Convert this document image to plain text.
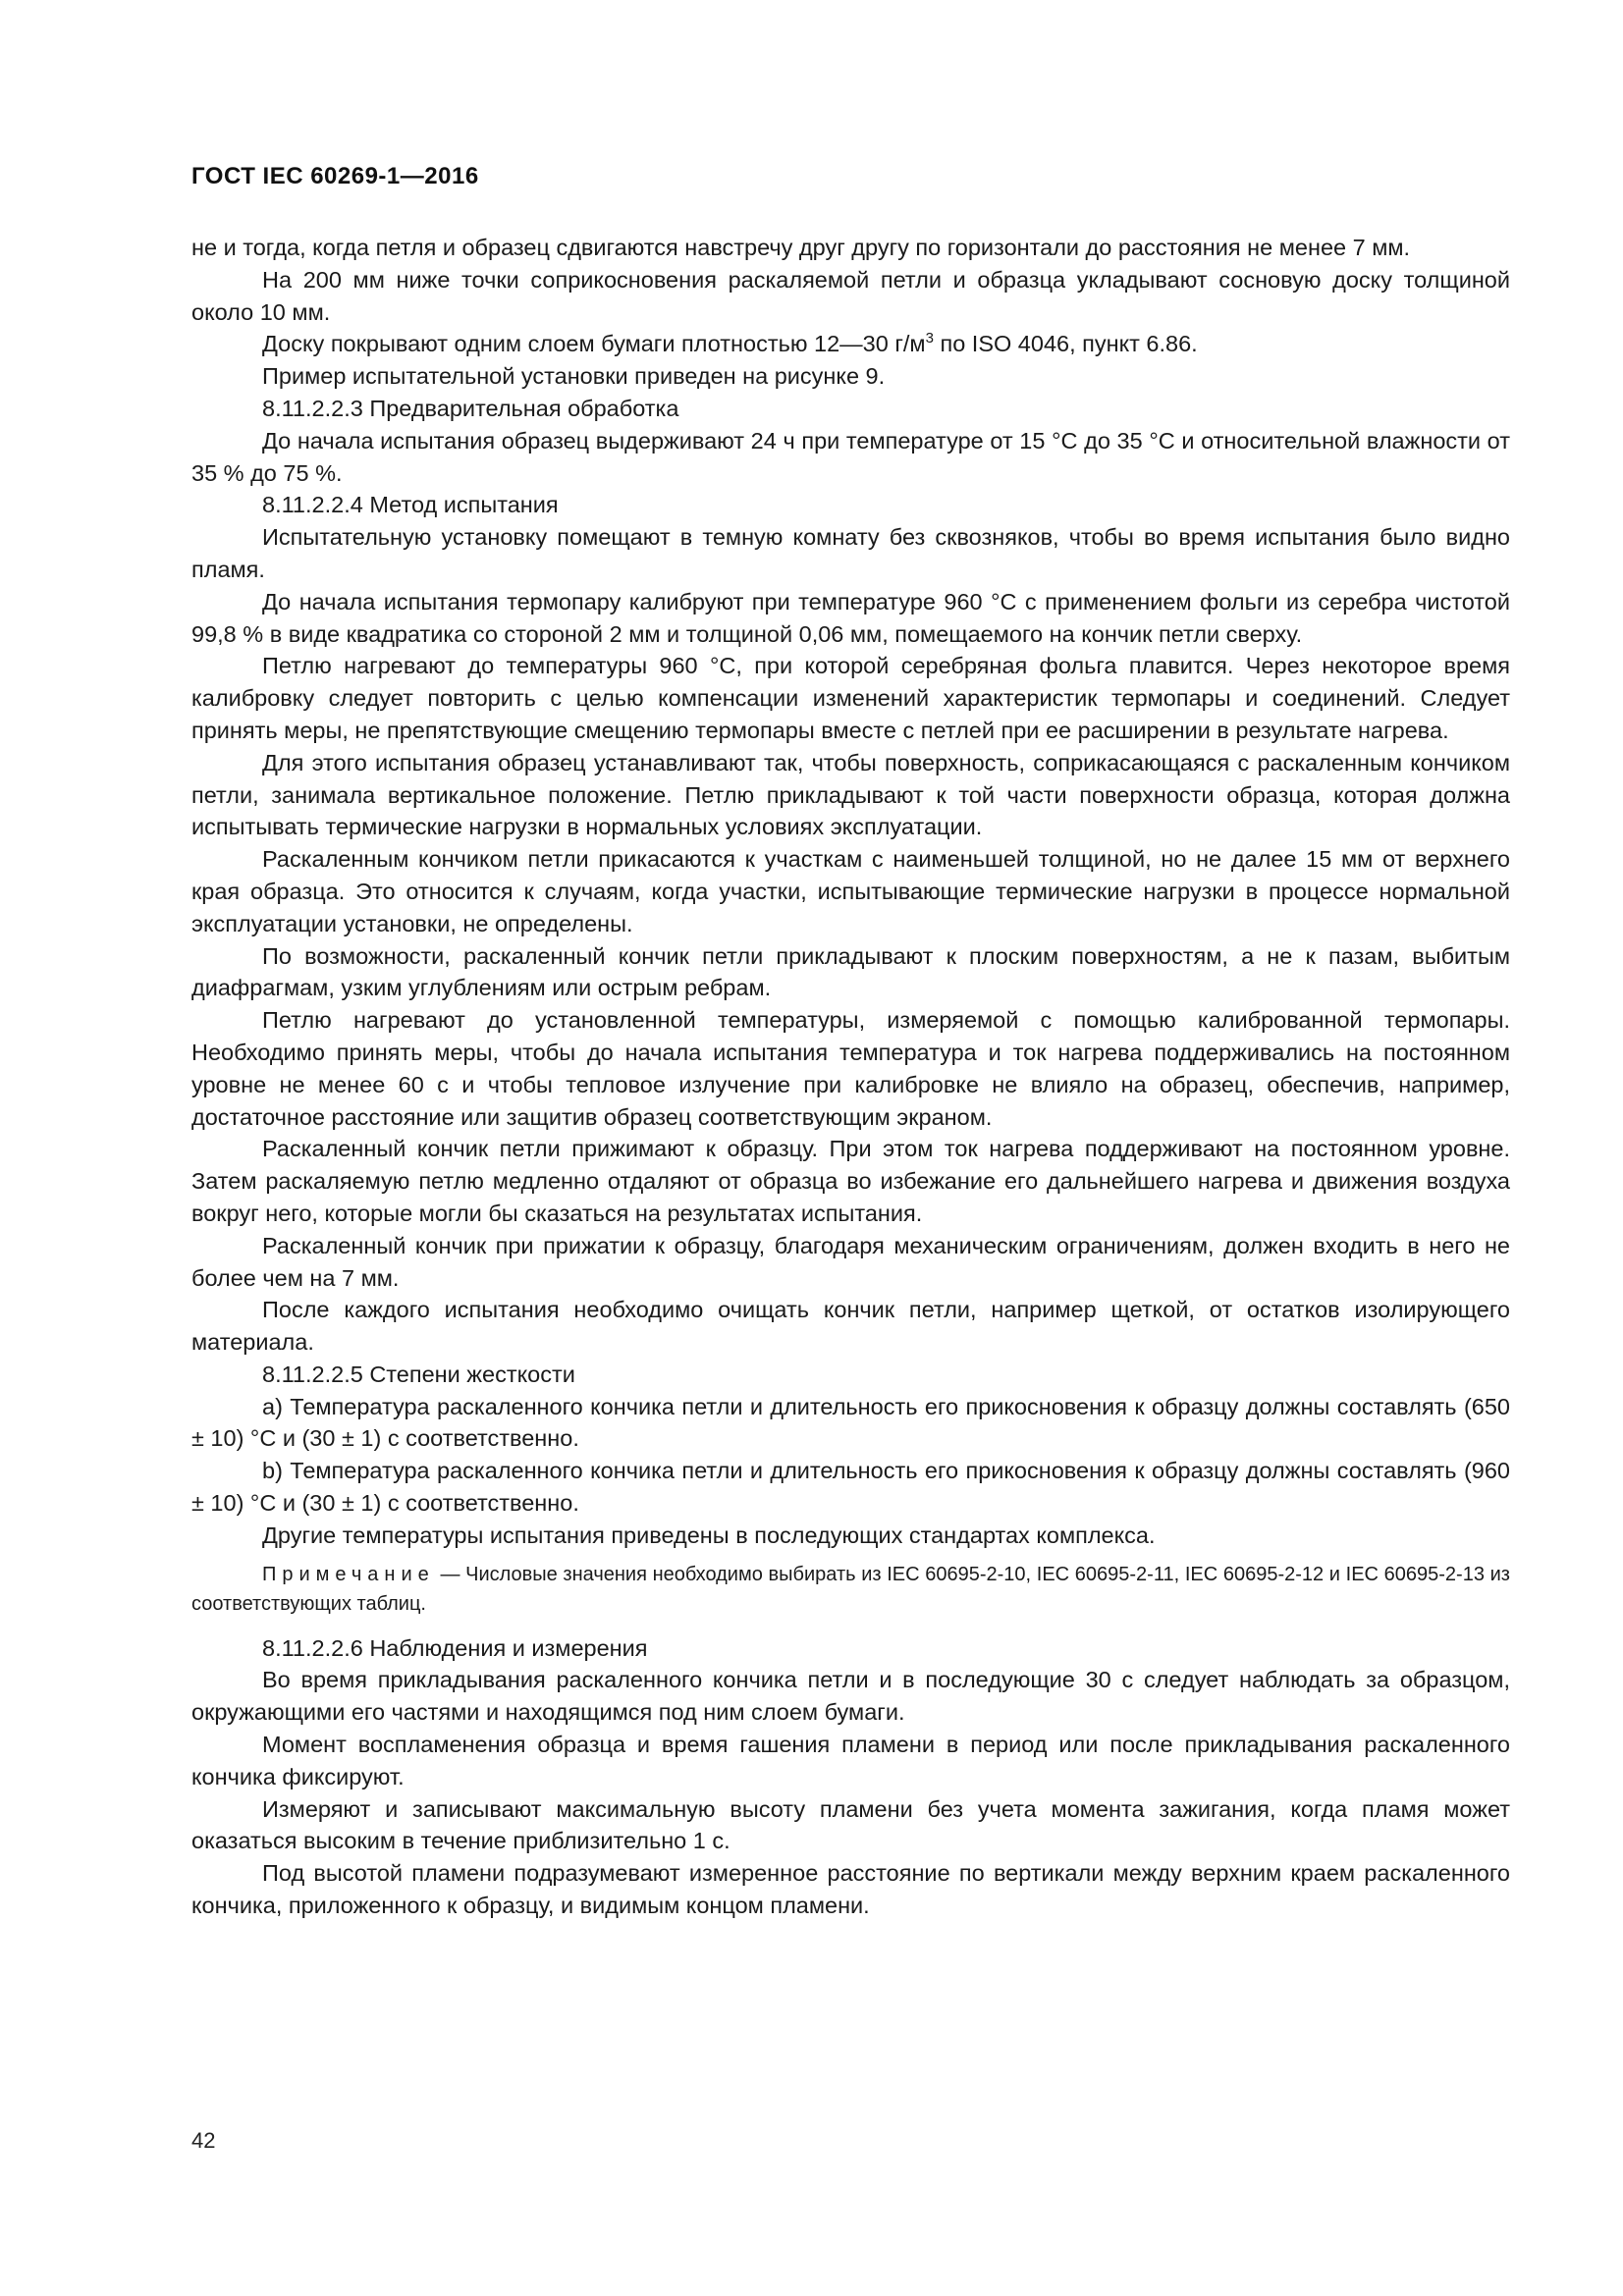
ГОСТ IEC 60269-1—2016

не и тогда, когда петля и образец сдвигаются навстречу друг другу по горизонтали до расстояния не менее 7 мм.

На 200 мм ниже точки соприкосновения раскаляемой петли и образца укладывают сосновую доску толщиной около 10 мм.

Доску покрывают одним слоем бумаги плотностью 12—30 $г/м^3$ по ISO 4046, пункт 6.86.

Пример испытательной установки приведен на рисунке 9.

8.11.2.2.3 Предварительная обработка

До начала испытания образец выдерживают 24 ч при температуре от 15 °С до 35 °С и относительной влажности от 35 % до 75 %.

8.11.2.2.4 Метод испытания

Испытательную установку помещают в темную комнату без сквозняков, чтобы во время испытания было видно пламя.

До начала испытания термопару калибруют при температуре 960 °С с применением фольги из серебра чистотой 99,8 % в виде квадратика со стороной 2 мм и толщиной 0,06 мм, помещаемого на кончик петли сверху.

Петлю нагревают до температуры 960 °С, при которой серебряная фольга плавится. Через некоторое время калибровку следует повторить с целью компенсации изменений характеристик термопары и соединений. Следует принять меры, не препятствующие смещению термопары вместе с петлей при ее расширении в результате нагрева.

Для этого испытания образец устанавливают так, чтобы поверхность, соприкасающаяся с раскаленным кончиком петли, занимала вертикальное положение. Петлю прикладывают к той части поверхности образца, которая должна испытывать термические нагрузки в нормальных условиях эксплуатации.

Раскаленным кончиком петли прикасаются к участкам с наименьшей толщиной, но не далее 15 мм от верхнего края образца. Это относится к случаям, когда участки, испытывающие термические нагрузки в процессе нормальной эксплуатации установки, не определены.

По возможности, раскаленный кончик петли прикладывают к плоским поверхностям, а не к пазам, выбитым диафрагмам, узким углублениям или острым ребрам.

Петлю нагревают до установленной температуры, измеряемой с помощью калиброванной термопары. Необходимо принять меры, чтобы до начала испытания температура и ток нагрева поддерживались на постоянном уровне не менее 60 с и чтобы тепловое излучение при калибровке не влияло на образец, обеспечив, например, достаточное расстояние или защитив образец соответствующим экраном.

Раскаленный кончик петли прижимают к образцу. При этом ток нагрева поддерживают на постоянном уровне. Затем раскаляемую петлю медленно отдаляют от образца во избежание его дальнейшего нагрева и движения воздуха вокруг него, которые могли бы сказаться на результатах испытания.

Раскаленный кончик при прижатии к образцу, благодаря механическим ограничениям, должен входить в него не более чем на 7 мм.

После каждого испытания необходимо очищать кончик петли, например щеткой, от остатков изолирующего материала.

8.11.2.2.5 Степени жесткости

a) Температура раскаленного кончика петли и длительность его прикосновения к образцу должны составлять (650 ± 10) °С и (30 ± 1) с соответственно.

b) Температура раскаленного кончика петли и длительность его прикосновения к образцу должны составлять (960 ± 10) °С и (30 ± 1) с соответственно.

Другие температуры испытания приведены в последующих стандартах комплекса.

Примечание — Числовые значения необходимо выбирать из IEC 60695-2-10, IEC 60695-2-11, IEC 60695-2-12 и IEC 60695-2-13 из соответствующих таблиц.

8.11.2.2.6 Наблюдения и измерения

Во время прикладывания раскаленного кончика петли и в последующие 30 с следует наблюдать за образцом, окружающими его частями и находящимся под ним слоем бумаги.

Момент воспламенения образца и время гашения пламени в период или после прикладывания раскаленного кончика фиксируют.

Измеряют и записывают максимальную высоту пламени без учета момента зажигания, когда пламя может оказаться высоким в течение приблизительно 1 с.

Под высотой пламени подразумевают измеренное расстояние по вертикали между верхним краем раскаленного кончика, приложенного к образцу, и видимым концом пламени.

42
